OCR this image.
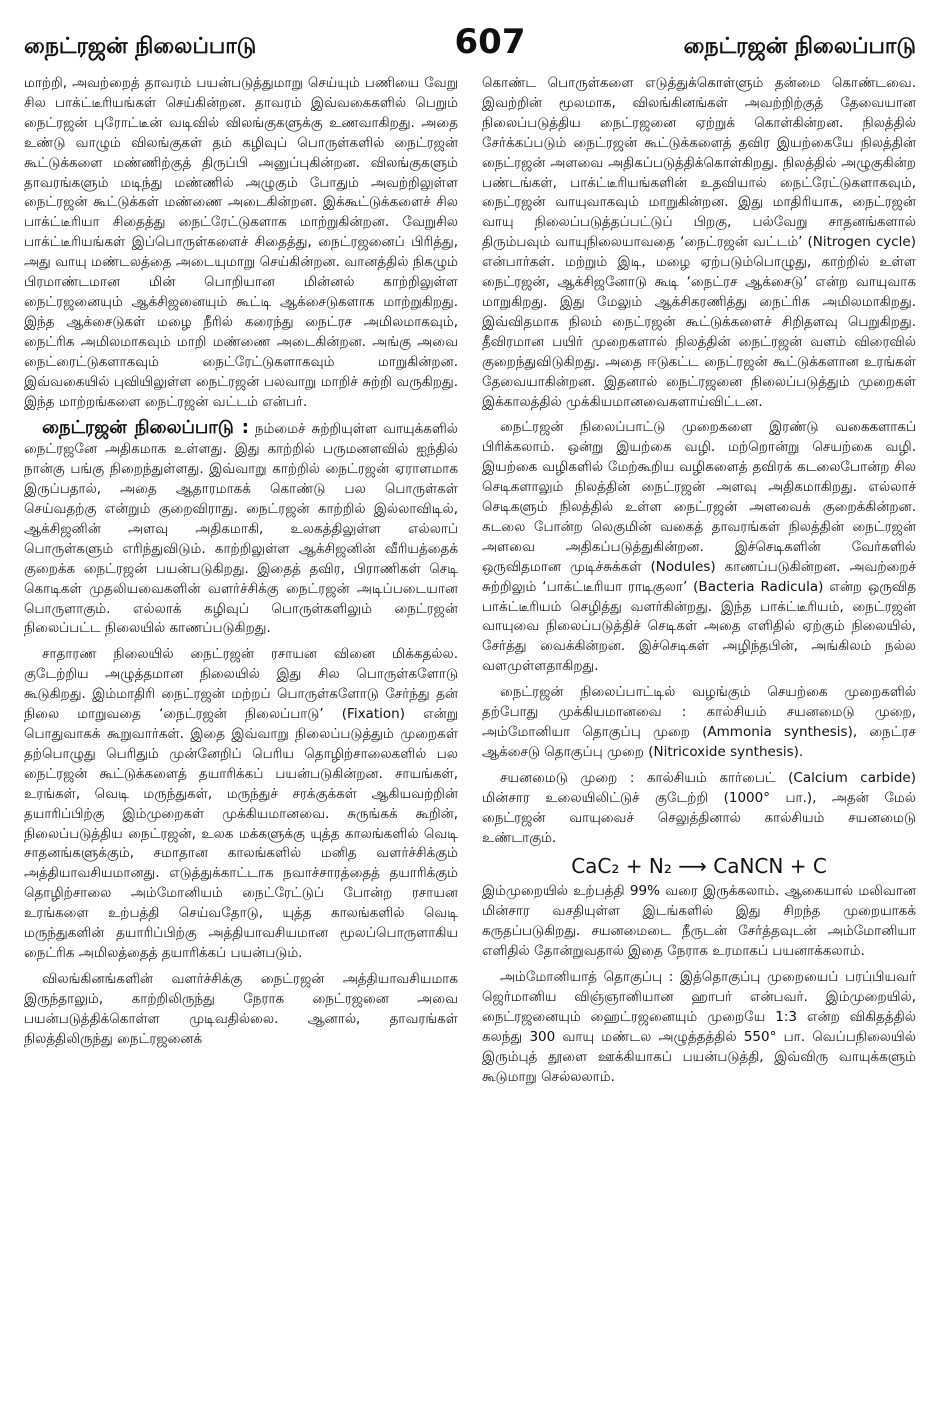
நைட்ரஜன் நிலைப்பாடு	607	நைட்ரஜன் நிலைப்பாடு

மாற்றி, அவற்றைத் தாவரம் பயன்படுத்துமாறு செய்யும் பணியை வேறு சில பாக்ட்டீரியங்கள் செய்கின்றன. தாவரம் இவ்வகைகளில் பெறும் நைட்ரஜன் புரோட்டீன் வடிவில் விலங்குகளுக்கு உணவாகிறது. அதை உண்டு வாழும் விலங்குகள் தம் கழிவுப் பொருள்களில் நைட்ரஜன் கூட்டுக்களை மண்ணிற்குத் திருப்பி அனுப்புகின்றன. விலங்குகளும் தாவரங்களும் மடிந்து மண்ணில் அழுகும் போதும் அவற்றிலுள்ள நைட்ரஜன் கூட்டுக்கள் மண்ணை அடைகின்றன. இக்கூட்டுக்களைச் சில பாக்ட்டீரியா சிதைத்து நைட்ரேட்டுகளாக மாற்றுகின்றன. வேறுசில பாக்ட்டீரியங்கள் இப்பொருள்களைச் சிதைத்து, நைட்ரஜனைப் பிரித்து, அது வாயு மண்டலத்தை அடையுமாறு செய்கின்றன. வானத்தில் நிகழும் பிரமாண்டமான மின் பொறியான மின்னல் காற்றிலுள்ள நைட்ரஜனையும் ஆக்சிஜனையும் கூட்டி ஆக்சைடுகளாக மாற்றுகிறது. இந்த ஆக்சைடுகள் மழை நீரில் கரைந்து நைட்ரச அமிலமாகவும், நைட்ரிக அமிலமாகவும் மாறி மண்ணை அடைகின்றன. அங்கு அவை நைட்ரைட்டுகளாகவும் நைட்ரேட்டுகளாகவும் மாறுகின்றன. இவ்வகையில் புவியிலுள்ள நைட்ரஜன் பலவாறு மாறிச் சுற்றி வருகிறது. இந்த மாற்றங்களை நைட்ரஜன் வட்டம் என்பர்.

நைட்ரஜன் நிலைப்பாடு : நம்மைச் சுற்றியுள்ள வாயுக்களில் நைட்ரஜனே அதிகமாக உள்ளது. இது காற்றில் பருமனளவில் ஐந்தில் நான்கு பங்கு நிறைந்துள்ளது. இவ்வாறு காற்றில் நைட்ரஜன் ஏராளமாக இருப்பதால், அதை ஆதாரமாகக் கொண்டு பல பொருள்கள் செய்வதற்கு என்றும் குறைவிராது. நைட்ரஜன் காற்றில் இல்லாவிடில், ஆக்சிஜனின் அளவு அதிகமாகி, உலகத்திலுள்ள எல்லாப் பொருள்களும் எரிந்துவிடும். காற்றிலுள்ள ஆக்சிஜனின் வீரியத்தைக் குறைக்க நைட்ரஜன் பயன்படுகிறது. இதைத் தவிர, பிராணிகள் செடி கொடிகள் முதலியவைகளின் வளர்ச்சிக்கு நைட்ரஜன் அடிப்படையான பொருளாகும். எல்லாக் கழிவுப் பொருள்களிலும் நைட்ரஜன் நிலைப்பட்ட நிலையில் காணப்படுகிறது.

சாதாரண நிலையில் நைட்ரஜன் ரசாயன வினை மிக்கதல்ல. குடேற்றிய அழுத்தமான நிலையில் இது சில பொருள்களோடு கூடுகிறது. இம்மாதிரி நைட்ரஜன் மற்றப் பொருள்களோடு சேர்ந்து தன் நிலை மாறுவதை ‘நைட்ரஜன் நிலைப்பாடு’ (Fixation) என்று பொதுவாகக் கூறுவார்கள். இதை இவ்வாறு நிலைப்படுத்தும் முறைகள் தற்பொழுது பெரிதும் முன்னேறிப் பெரிய தொழிற்சாலைகளில் பல நைட்ரஜன் கூட்டுக்களைத் தயாரிக்கப் பயன்படுகின்றன. சாயங்கள், உரங்கள், வெடி மருந்துகள், மருந்துச் சரக்குக்கள் ஆகியவற்றின் தயாரிப்பிற்கு இம்முறைகள் முக்கியமானவை. சுருங்கக் கூறின், நிலைப்படுத்திய நைட்ரஜன், உலக மக்களுக்கு யுத்த காலங்களில் வெடி சாதனங்களுக்கும், சமாதான காலங்களில் மனித வளர்ச்சிக்கும் அத்தியாவசியமானது. எடுத்துக்காட்டாக நவாச்சாரத்தைத் தயாரிக்கும் தொழிற்சாலை அம்மோனியம் நைட்ரேட்டுப் போன்ற ரசாயன உரங்களை உற்பத்தி செய்வதோடு, யுத்த காலங்களில் வெடி மருந்துகளின் தயாரிப்பிற்கு அத்தியாவசியமான மூலப்பொருளாகிய நைட்ரிக அமிலத்தைத் தயாரிக்கப் பயன்படும்.

விலங்கினங்களின் வளர்ச்சிக்கு நைட்ரஜன் அத்தியாவசியமாக இருந்தாலும், காற்றிலிருந்து நேராக நைட்ரஜனை அவை பயன்படுத்திக்கொள்ள முடிவதில்லை. ஆனால், தாவரங்கள் நிலத்திலிருந்து நைட்ரஜனைக்

கொண்ட பொருள்களை எடுத்துக்கொள்ளும் தன்மை கொண்டவை. இவற்றின் மூலமாக, விலங்கினங்கள் அவற்றிற்குத் தேவையான நிலைப்படுத்திய நைட்ரஜனை ஏற்றுக் கொள்கின்றன. நிலத்தில் சேர்க்கப்படும் நைட்ரஜன் கூட்டுக்களைத் தவிர இயற்கையே நிலத்தின் நைட்ரஜன் அளவை அதிகப்படுத்திக்கொள்கிறது. நிலத்தில் அழுகுகின்ற பண்டங்கள், பாக்ட்டீரியங்களின் உதவியால் நைட்ரேட்டுகளாகவும், நைட்ரஜன் வாயுவாகவும் மாறுகின்றன. இது மாதிரியாக, நைட்ரஜன் வாயு நிலைப்படுத்தப்பட்டுப் பிறகு, பல்வேறு சாதனங்களால் திரும்பவும் வாயுநிலையாவதை ‘நைட்ரஜன் வட்டம்’ (Nitrogen cycle) என்பார்கள். மற்றும் இடி, மழை ஏற்படும்பொழுது, காற்றில் உள்ள நைட்ரஜன், ஆக்சிஜனோடு கூடி ‘நைட்ரச ஆக்சைடு’ என்ற வாயுவாக மாறுகிறது. இது மேலும் ஆக்சிகரணித்து நைட்ரிக அமிலமாகிறது. இவ்விதமாக நிலம் நைட்ரஜன் கூட்டுக்களைச் சிறிதளவு பெறுகிறது. தீவிரமான பயிர் முறைகளால் நிலத்தின் நைட்ரஜன் வளம் விரைவில் குறைந்துவிடுகிறது. அதை ஈடுகட்ட நைட்ரஜன் கூட்டுக்களான உரங்கள் தேவையாகின்றன. இதனால் நைட்ரஜனை நிலைப்படுத்தும் முறைகள் இக்காலத்தில் முக்கியமானவைகளாய்விட்டன.

நைட்ரஜன் நிலைப்பாட்டு முறைகளை இரண்டு வகைகளாகப் பிரிக்கலாம். ஒன்று இயற்கை வழி. மற்றொன்று செயற்கை வழி. இயற்கை வழிகளில் மேற்கூறிய வழிகளைத் தவிரக் கடலைபோன்ற சில செடிகளாலும் நிலத்தின் நைட்ரஜன் அளவு அதிகமாகிறது. எல்லாச் செடிகளும் நிலத்தில் உள்ள நைட்ரஜன் அளவைக் குறைக்கின்றன. கடலை போன்ற லெகுமின் வகைத் தாவரங்கள் நிலத்தின் நைட்ரஜன் அளவை அதிகப்படுத்துகின்றன. இச்செடிகளின் வேர்களில் ஒருவிதமான முடிச்சுக்கள் (Nodules) காணப்படுகின்றன. அவற்றைச் சுற்றிலும் ‘பாக்ட்டீரியா ராடிகுலா’ (Bacteria Radicula) என்ற ஒருவித பாக்ட்டீரியம் செழித்து வளர்கின்றது. இந்த பாக்ட்டீரியம், நைட்ரஜன் வாயுவை நிலைப்படுத்திச் செடிகள் அதை எளிதில் ஏற்கும் நிலையில், சேர்த்து வைக்கின்றன. இச்செடிகள் அழிந்தபின், அங்கிலம் நல்ல வளமுள்ளதாகிறது.

நைட்ரஜன் நிலைப்பாட்டில் வழங்கும் செயற்கை முறைகளில் தற்போது முக்கியமானவை : கால்சியம் சயனமைடு முறை, அம்மோனியா தொகுப்பு முறை (Ammonia synthesis), நைட்ரச ஆக்சைடு தொகுப்பு முறை (Nitricoxide synthesis).

சயனமைடு முறை : கால்சியம் கார்பைட் (Calcium carbide) மின்சார உலையிலிட்டுச் குடேற்றி (1000° பா.), அதன் மேல் நைட்ரஜன் வாயுவைச் செலுத்தினால் கால்சியம் சயனமைடு உண்டாகும்.

CaC₂ + N₂ ⟶ CaNCN + C

இம்முறையில் உற்பத்தி 99% வரை இருக்கலாம். ஆகையால் மலிவான மின்சார வசதியுள்ள இடங்களில் இது சிறந்த முறையாகக் கருதப்படுகிறது. சயனமைடை நீருடன் சேர்த்தவுடன் அம்மோனியா எளிதில் தோன்றுவதால் இதை நேராக உரமாகப் பயனாக்கலாம்.

அம்மோனியாத் தொகுப்பு : இத்தொகுப்பு முறையைப் பரப்பியவர் ஜெர்மானிய விஞ்ஞானியான ஹாபர் என்பவர். இம்முறையில், நைட்ரஜனையும் ஹைட்ரஜனையும் முறையே 1:3 என்ற விகிதத்தில் கலந்து 300 வாயு மண்டல அழுத்தத்தில் 550° பா. வெப்பநிலையில் இரும்புத் தூளை ஊக்கியாகப் பயன்படுத்தி, இவ்விரு வாயுக்களும் கூடுமாறு செல்லலாம்.
